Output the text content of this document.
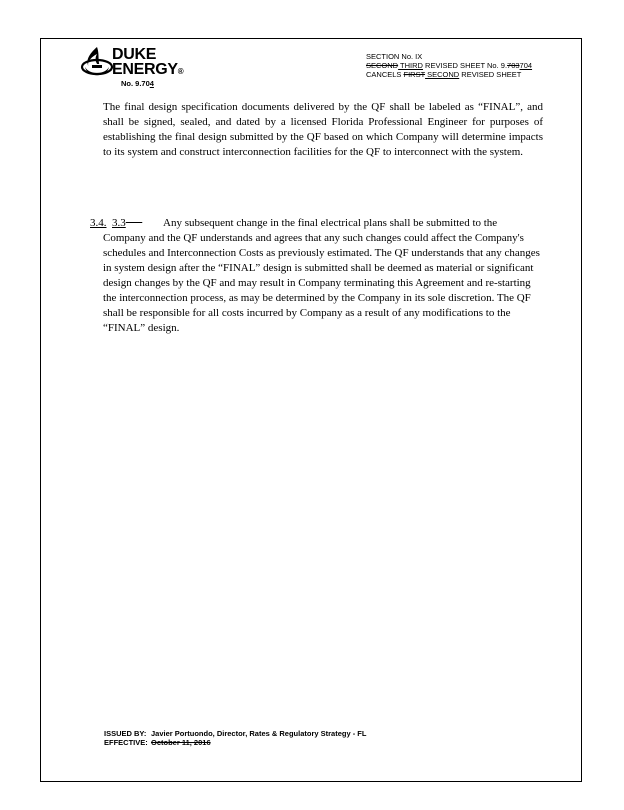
DUKE
ENERGY®
No. 9.704
SECTION No. IX
SECOND THIRD REVISED SHEET No. 9.703704
CANCELS FIRST SECOND REVISED SHEET
The final design specification documents delivered by the QF shall be labeled as “FINAL”, and shall be signed, sealed, and dated by a licensed Florida Professional Engineer for purposes of establishing the final design submitted by the QF based on which Company will determine impacts to its system and construct interconnection facilities for the QF to interconnect with the system.
3.4. 3.3	Any subsequent change in the final electrical plans shall be submitted to the Company and the QF understands and agrees that any such changes could affect the Company's schedules and Interconnection Costs as previously estimated. The QF understands that any changes in system design after the “FINAL” design is submitted shall be deemed as material or significant design changes by the QF and may result in Company terminating this Agreement and re-starting the interconnection process, as may be determined by the Company in its sole discretion. The QF shall be responsible for all costs incurred by Company as a result of any modifications to the “FINAL” design.
ISSUED BY: Javier Portuondo, Director, Rates & Regulatory Strategy - FL
EFFECTIVE: October 11, 2016
